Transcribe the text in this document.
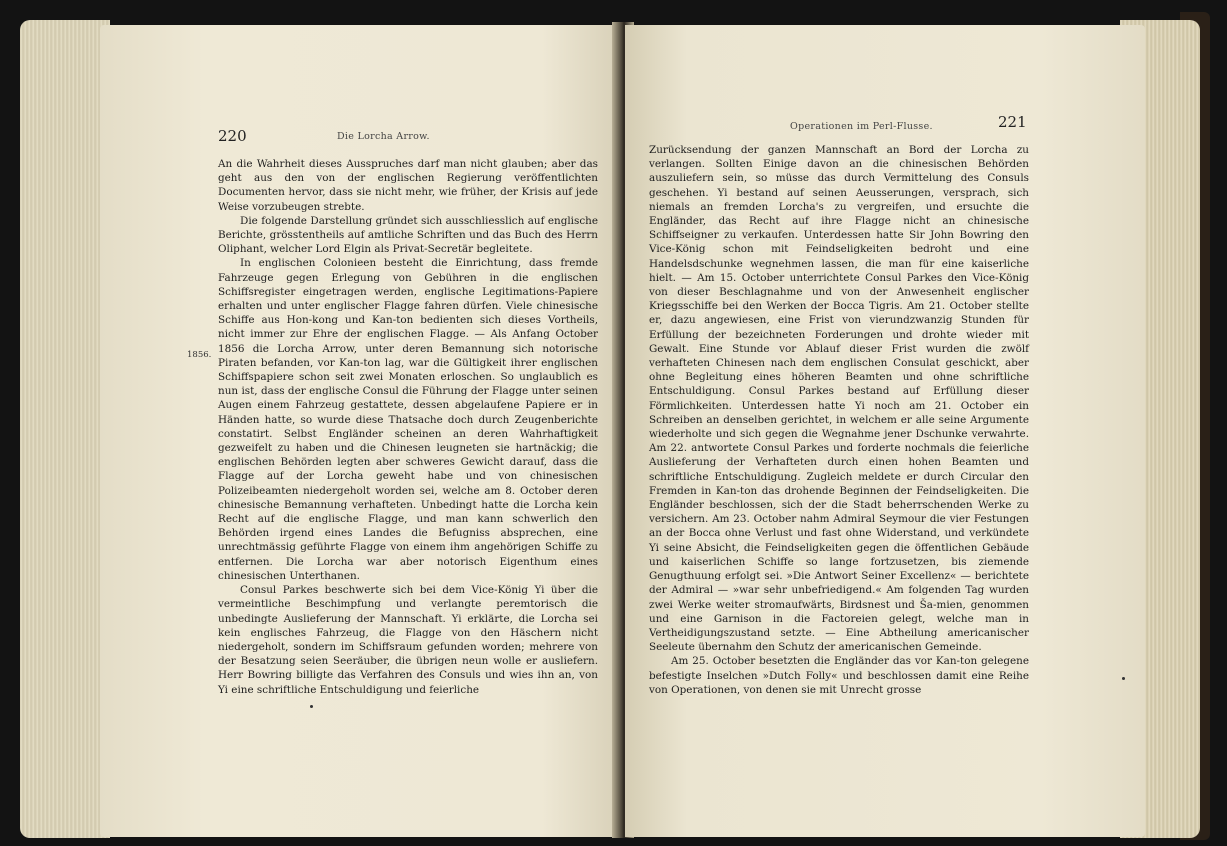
220	Die Lorcha Arrow.
1856.

An die Wahrheit dieses Ausspruches darf man nicht glauben; aber das geht aus den von der englischen Regierung veröffentlichten Documenten hervor, dass sie nicht mehr, wie früher, der Krisis auf jede Weise vorzubeugen strebte.

Die folgende Darstellung gründet sich ausschliesslich auf englische Berichte, grösstentheils auf amtliche Schriften und das Buch des Herrn Oliphant, welcher Lord Elgin als Privat-Secretär begleitete.

In englischen Colonieen besteht die Einrichtung, dass fremde Fahrzeuge gegen Erlegung von Gebühren in die englischen Schiffsregister eingetragen werden, englische Legitimations-Papiere erhalten und unter englischer Flagge fahren dürfen. Viele chinesische Schiffe aus Hon-kong und Kan-ton bedienten sich dieses Vortheils, nicht immer zur Ehre der englischen Flagge. — Als Anfang October 1856 die Lorcha Arrow, unter deren Bemannung sich notorische Piraten befanden, vor Kan-ton lag, war die Gültigkeit ihrer englischen Schiffspapiere schon seit zwei Monaten erloschen. So unglaublich es nun ist, dass der englische Consul die Führung der Flagge unter seinen Augen einem Fahrzeug gestattete, dessen abgelaufene Papiere er in Händen hatte, so wurde diese Thatsache doch durch Zeugenberichte constatirt. Selbst Engländer scheinen an deren Wahrhaftigkeit gezweifelt zu haben und die Chinesen leugneten sie hartnäckig; die englischen Behörden legten aber schweres Gewicht darauf, dass die Flagge auf der Lorcha geweht habe und von chinesischen Polizeibeamten niedergeholt worden sei, welche am 8. October deren chinesische Bemannung verhafteten. Unbedingt hatte die Lorcha kein Recht auf die englische Flagge, und man kann schwerlich den Behörden irgend eines Landes die Befugniss absprechen, eine unrechtmässig geführte Flagge von einem ihm angehörigen Schiffe zu entfernen. Die Lorcha war aber notorisch Eigenthum eines chinesischen Unterthanen.

Consul Parkes beschwerte sich bei dem Vice-König Yi über die vermeintliche Beschimpfung und verlangte peremtorisch die unbedingte Auslieferung der Mannschaft. Yi erklärte, die Lorcha sei kein englisches Fahrzeug, die Flagge von den Häschern nicht niedergeholt, sondern im Schiffsraum gefunden worden; mehrere von der Besatzung seien Seeräuber, die übrigen neun wolle er ausliefern. Herr Bowring billigte das Verfahren des Consuls und wies ihn an, von Yi eine schriftliche Entschuldigung und feierliche

Operationen im Perl-Flusse.	221

Zurücksendung der ganzen Mannschaft an Bord der Lorcha zu verlangen. Sollten Einige davon an die chinesischen Behörden auszuliefern sein, so müsse das durch Vermittelung des Consuls geschehen. Yi bestand auf seinen Aeusserungen, versprach, sich niemals an fremden Lorcha's zu vergreifen, und ersuchte die Engländer, das Recht auf ihre Flagge nicht an chinesische Schiffseigner zu verkaufen. Unterdessen hatte Sir John Bowring den Vice-König schon mit Feindseligkeiten bedroht und eine Handelsdschunke wegnehmen lassen, die man für eine kaiserliche hielt. — Am 15. October unterrichtete Consul Parkes den Vice-König von dieser Beschlagnahme und von der Anwesenheit englischer Kriegsschiffe bei den Werken der Bocca Tigris. Am 21. October stellte er, dazu angewiesen, eine Frist von vierundzwanzig Stunden für Erfüllung der bezeichneten Forderungen und drohte wieder mit Gewalt. Eine Stunde vor Ablauf dieser Frist wurden die zwölf verhafteten Chinesen nach dem englischen Consulat geschickt, aber ohne Begleitung eines höheren Beamten und ohne schriftliche Entschuldigung. Consul Parkes bestand auf Erfüllung dieser Förmlichkeiten. Unterdessen hatte Yi noch am 21. October ein Schreiben an denselben gerichtet, in welchem er alle seine Argumente wiederholte und sich gegen die Wegnahme jener Dschunke verwahrte. Am 22. antwortete Consul Parkes und forderte nochmals die feierliche Auslieferung der Verhafteten durch einen hohen Beamten und schriftliche Entschuldigung. Zugleich meldete er durch Circular den Fremden in Kan-ton das drohende Beginnen der Feindseligkeiten. Die Engländer beschlossen, sich der die Stadt beherrschenden Werke zu versichern. Am 23. October nahm Admiral Seymour die vier Festungen an der Bocca ohne Verlust und fast ohne Widerstand, und verkündete Yi seine Absicht, die Feindseligkeiten gegen die öffentlichen Gebäude und kaiserlichen Schiffe so lange fortzusetzen, bis ziemende Genugthuung erfolgt sei. »Die Antwort Seiner Excellenz« — berichtete der Admiral — »war sehr unbefriedigend.« Am folgenden Tag wurden zwei Werke weiter stromaufwärts, Birdsnest und Ša-mien, genommen und eine Garnison in die Factoreien gelegt, welche man in Vertheidigungszustand setzte. — Eine Abtheilung americanischer Seeleute übernahm den Schutz der americanischen Gemeinde.

Am 25. October besetzten die Engländer das vor Kan-ton gelegene befestigte Inselchen »Dutch Folly« und beschlossen damit eine Reihe von Operationen, von denen sie mit Unrecht grosse
